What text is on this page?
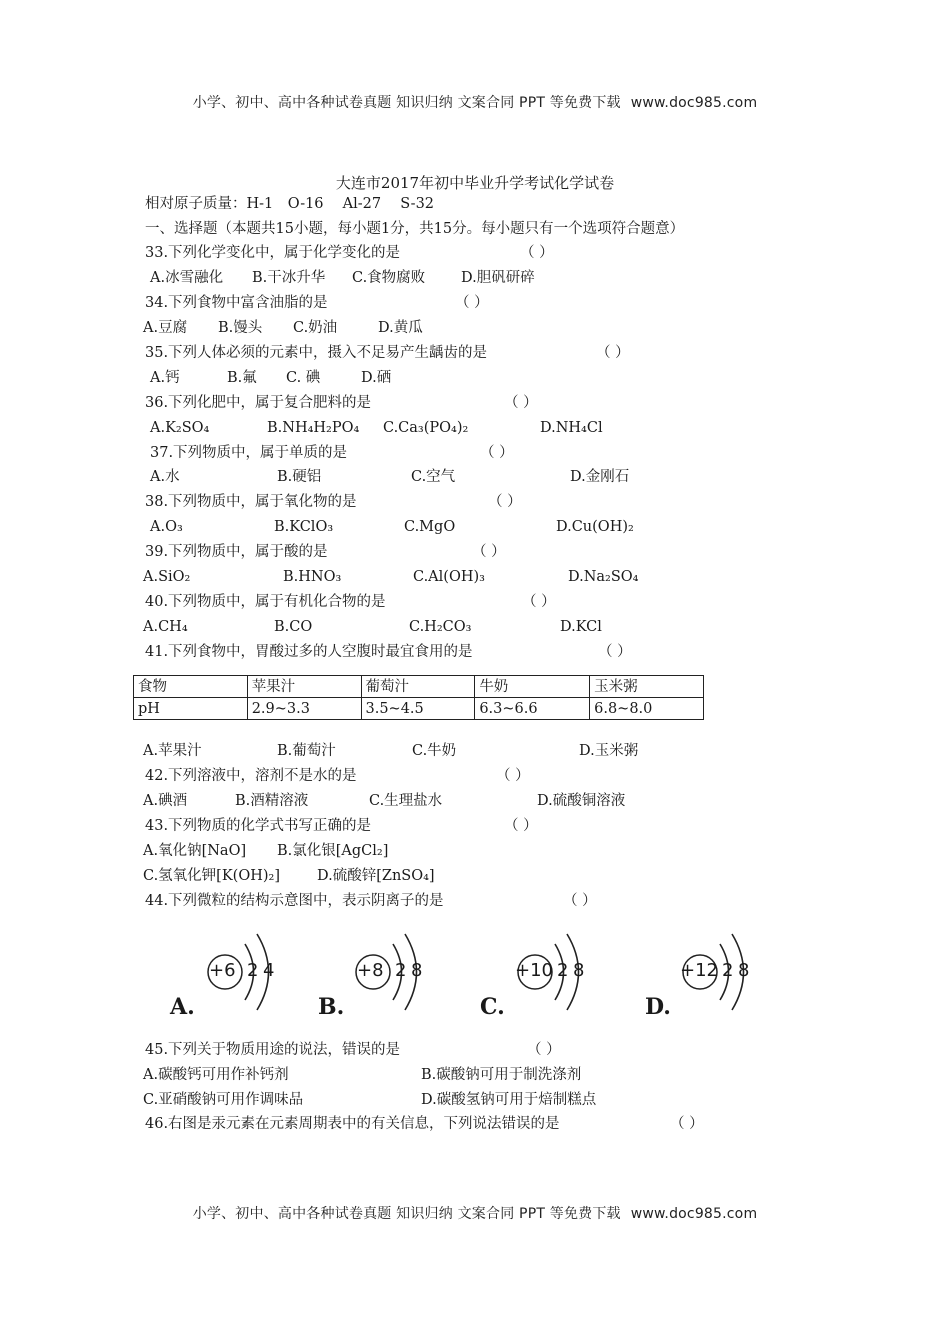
小学、初中、高中各种试卷真题 知识归纳 文案合同 PPT 等免费下载 www.doc985.com
大连市2017年初中毕业升学考试化学试卷
相对原子质量：H-1　O-16　 Al-27　 S-32
一、选择题（本题共15小题，每小题1分，共15分。每小题只有一个选项符合题意）
33.下列化学变化中，属于化学变化的是	（ ）
A.冰雪融化 B.干冰升华 C.食物腐败 D.胆矾研碎
34.下列食物中富含油脂的是	（ ）
A.豆腐 B.馒头 C.奶油	D.黄瓜
35.下列人体必须的元素中，摄入不足易产生龋齿的是	（ ）
A.钙	B.氟 C. 碘	D.硒
36.下列化肥中，属于复合肥料的是	（ ）
A.K₂SO₄	B.NH₄H₂PO₄ C.Ca₃(PO₄)₂	D.NH₄Cl
37.下列物质中，属于单质的是	（ ）
A.水	B.硬铝	C.空气	D.金刚石
38.下列物质中，属于氧化物的是	（ ）
A.O₃	B.KClO₃	C.MgO	D.Cu(OH)₂
39.下列物质中，属于酸的是	（ ）
A.SiO₂	B.HNO₃	C.Al(OH)₃	D.Na₂SO₄
40.下列物质中，属于有机化合物的是	（ ）
A.CH₄	B.CO	C.H₂CO₃	D.KCl
41.下列食物中，胃酸过多的人空腹时最宜食用的是	（ ）
食物	苹果汁	葡萄汁	牛奶	玉米粥
pH	2.9~3.3	3.5~4.5	6.3~6.6	6.8~8.0
A.苹果汁	B.葡萄汁	C.牛奶	D.玉米粥
42.下列溶液中，溶剂不是水的是	（ ）
A.碘酒	B.酒精溶液	C.生理盐水	D.硫酸铜溶液
43.下列物质的化学式书写正确的是	（ ）
A.氧化钠[NaO] B.氯化银[AgCl₂]
C.氢氧化钾[K(OH)₂]	D.硫酸锌[ZnSO₄]
44.下列微粒的结构示意图中，表示阴离子的是	（ ）
+6 2 4
A.
+8 2 8
B.
+10 2 8
C.
+12 2 8
D.
45.下列关于物质用途的说法，错误的是	（ ）
A.碳酸钙可用作补钙剂	B.碳酸钠可用于制洗涤剂
C.亚硝酸钠可用作调味品	D.碳酸氢钠可用于焙制糕点
46.右图是汞元素在元素周期表中的有关信息，下列说法错误的是	（ ）
小学、初中、高中各种试卷真题 知识归纳 文案合同 PPT 等免费下载 www.doc985.com
